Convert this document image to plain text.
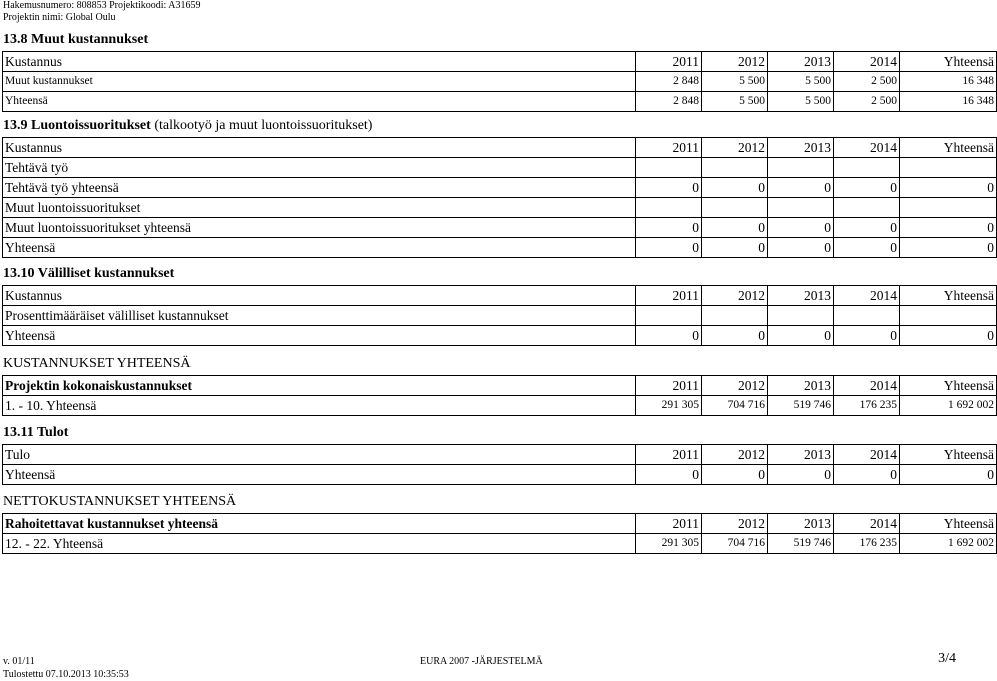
Hakemusnumero: 808853 Projektikoodi: A31659
Projektin nimi: Global Oulu
13.8 Muut kustannukset
Kustannus	2011	2012	2013	2014	Yhteensä
Muut kustannukset	2 848	5 500	5 500	2 500	16 348
Yhteensä	2 848	5 500	5 500	2 500	16 348
13.9 Luontoissuoritukset (talkootyö ja muut luontoissuoritukset)
Kustannus	2011	2012	2013	2014	Yhteensä
Tehtävä työ					
Tehtävä työ yhteensä	0	0	0	0	0
Muut luontoissuoritukset					
Muut luontoissuoritukset yhteensä	0	0	0	0	0
Yhteensä	0	0	0	0	0
13.10 Välilliset kustannukset
Kustannus	2011	2012	2013	2014	Yhteensä
Prosenttimääräiset välilliset kustannukset					
Yhteensä	0	0	0	0	0
KUSTANNUKSET YHTEENSÄ
Projektin kokonaiskustannukset	2011	2012	2013	2014	Yhteensä
1. - 10. Yhteensä	291 305	704 716	519 746	176 235	1 692 002
13.11 Tulot
Tulo	2011	2012	2013	2014	Yhteensä
Yhteensä	0	0	0	0	0
NETTOKUSTANNUKSET YHTEENSÄ
Rahoitettavat kustannukset yhteensä	2011	2012	2013	2014	Yhteensä
12. - 22. Yhteensä	291 305	704 716	519 746	176 235	1 692 002
v. 01/11	EURA 2007 -JÄRJESTELMÄ	3/4
Tulostettu 07.10.2013 10:35:53
